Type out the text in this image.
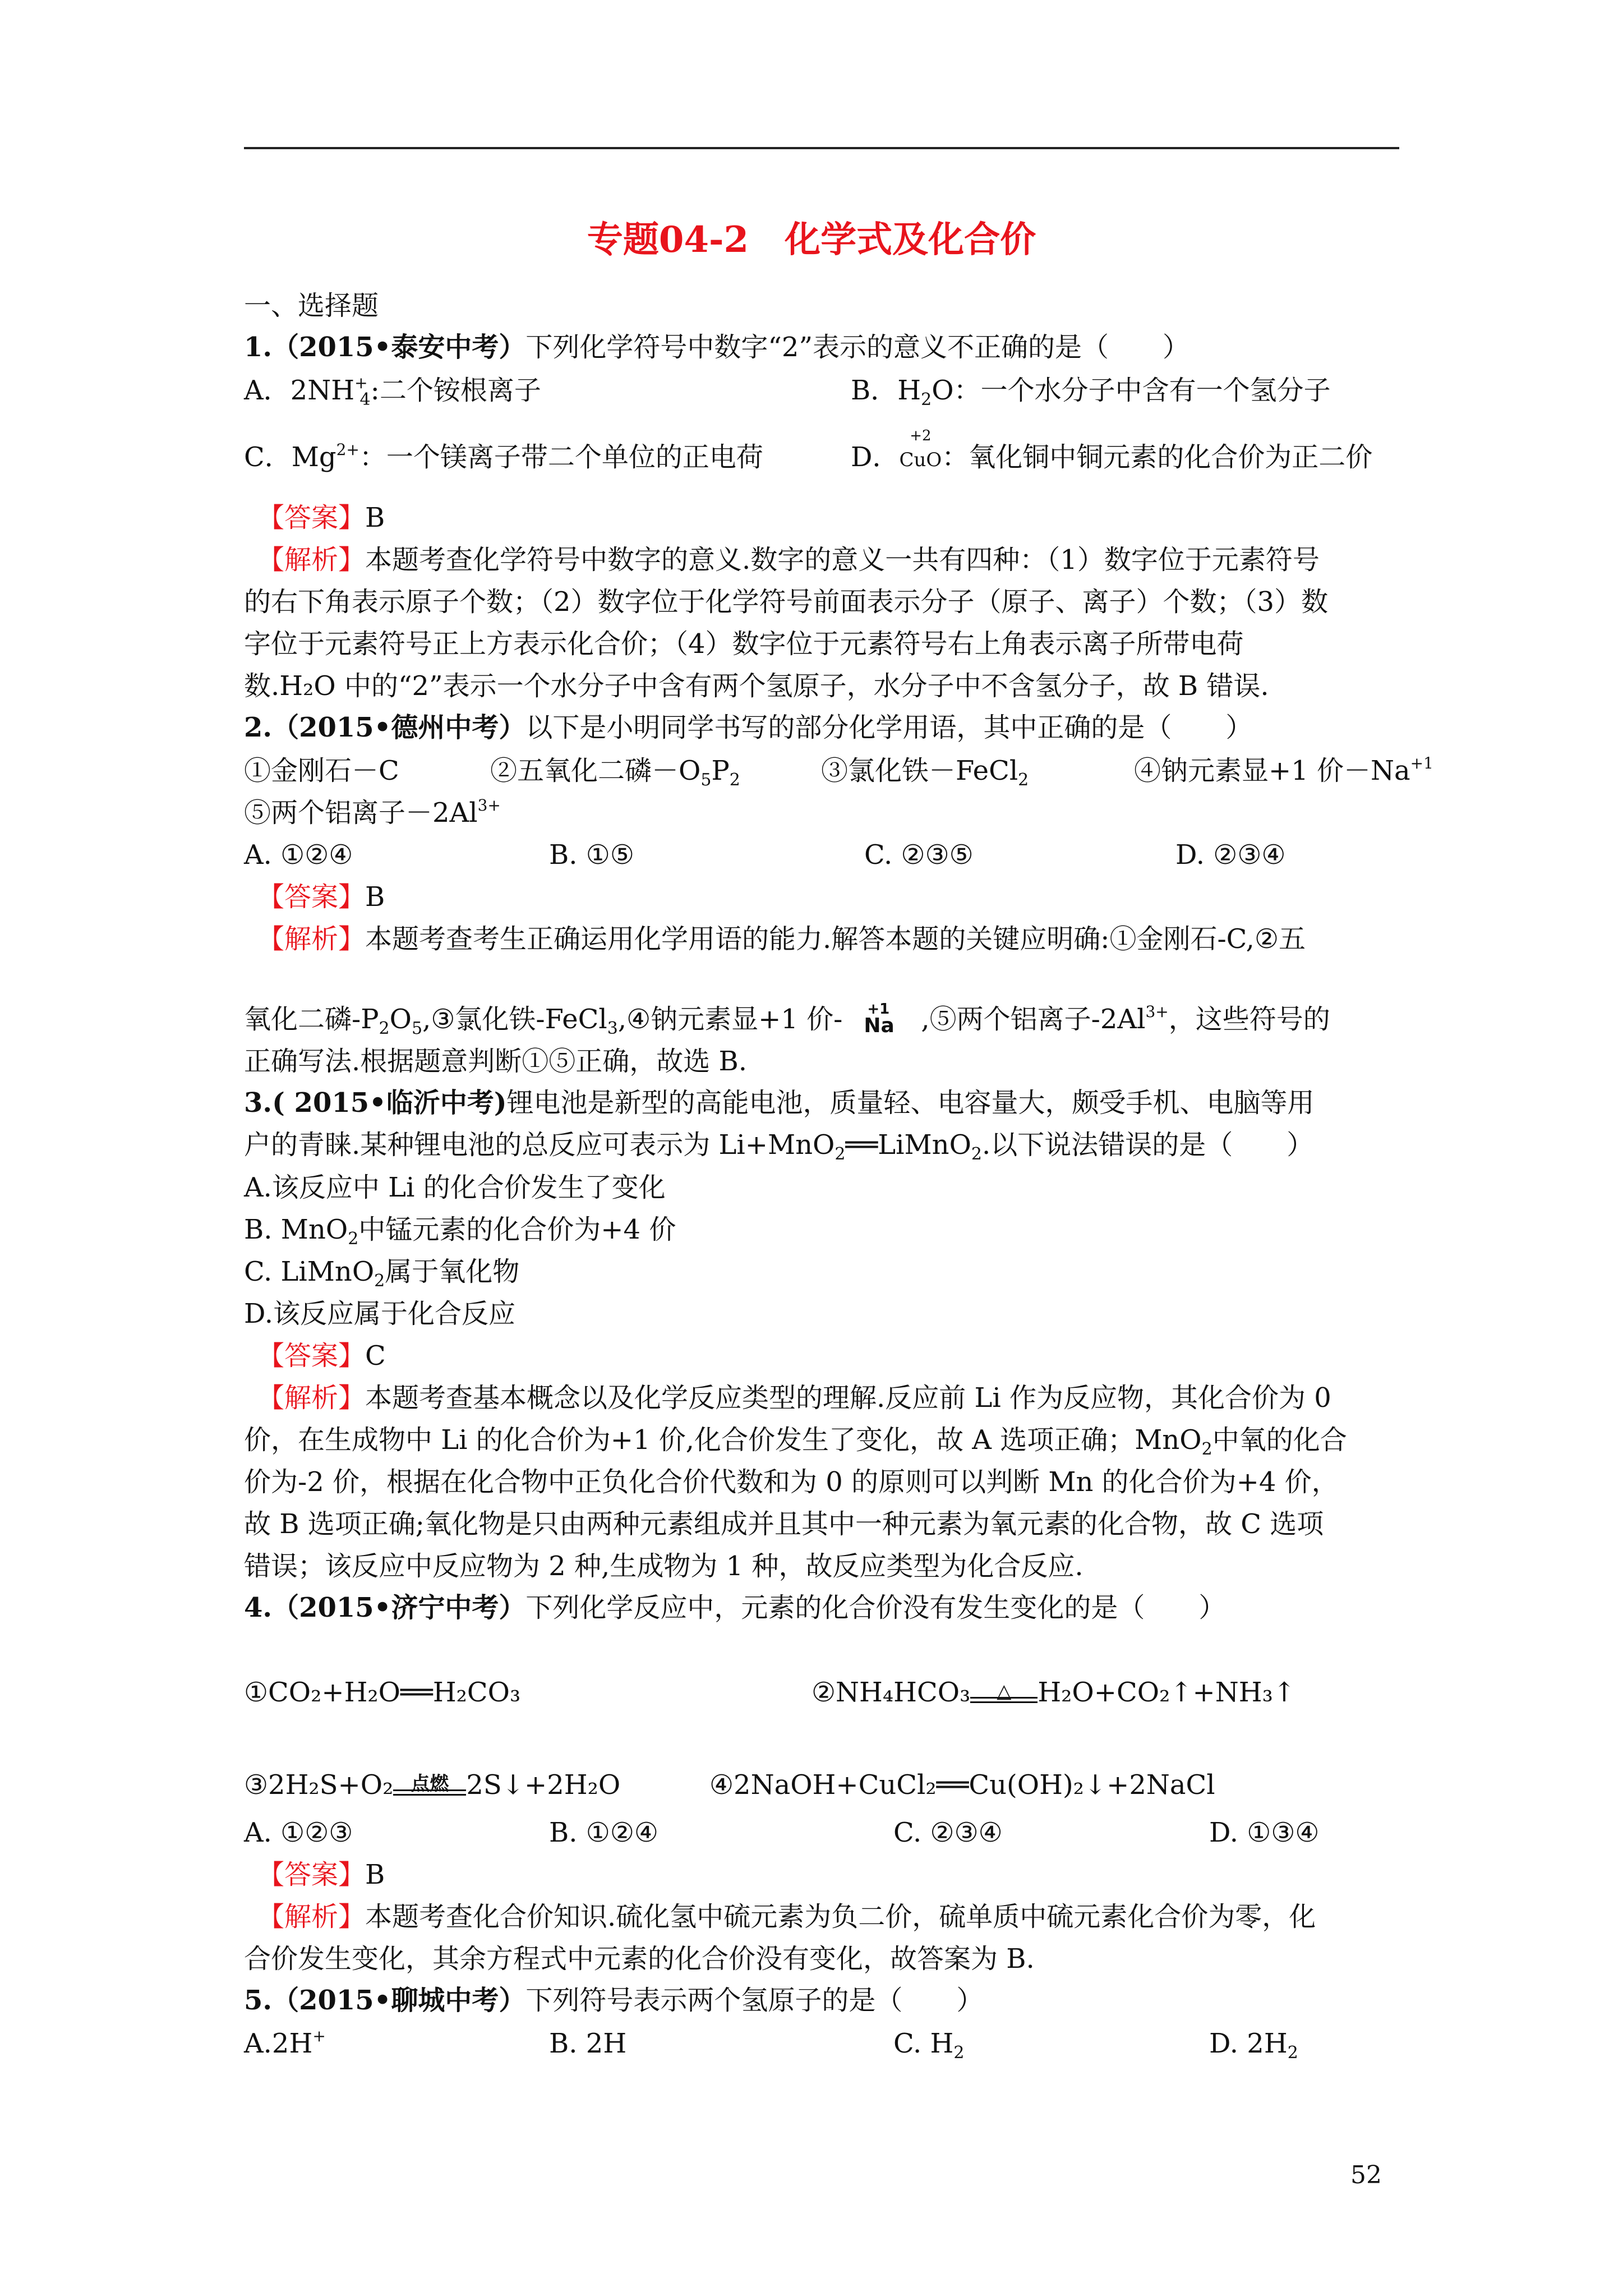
专题04-2　化学式及化合价
一、选择题
1.（2015•泰安中考）下列化学符号中数字“2”表示的意义不正确的是（　　）
A．$2NH^+_4$:二个铵根离子	B．$H_2O$：一个水分子中含有一个氢分子
C．$Mg^{2+}$：一个镁离子带二个单位的正电荷	D．
+2
CuO：氧化铜中铜元素的化合价为正二价
【答案】B
【解析】本题考查化学符号中数字的意义.数字的意义一共有四种：（1）数字位于元素符号
的右下角表示原子个数；（2）数字位于化学符号前面表示分子（原子、离子）个数；（3）数
字位于元素符号正上方表示化合价；（4）数字位于元素符号右上角表示离子所带电荷
数.H₂O 中的“2”表示一个水分子中含有两个氢原子，水分子中不含氢分子，故 B 错误.
2.（2015•德州中考）以下是小明同学书写的部分化学用语，其中正确的是（　　）
①金刚石－C	②五氧化二磷$-O_5P_2$	③氯化铁－FeCl$_2$	④钠元素显+1 价$-Na^{+1}$
⑤两个铝离子$-2Al^{3+}$
A. ①②④	B. ①⑤	C. ②③⑤	D. ②③④
【答案】B
【解析】本题考查考生正确运用化学用语的能力.解答本题的关键应明确:①金刚石-C,②五
氧化二磷$-P_2O_5,③$氯化铁-FeCl$_3$,④钠元素显+1 价- +1
Na ,⑤两个铝离子$-2Al^{3+}$，这些符号的
正确写法.根据题意判断①⑤正确，故选 B.
3.( 2015•临沂中考)锂电池是新型的高能电池，质量轻、电容量大，颇受手机、电脑等用
户的青睐.某种锂电池的总反应可表示为 Li+MnO$_2$══LiMnO$_2$.以下说法错误的是（　　）
A.该反应中 Li 的化合价发生了变化
B. MnO$_2$中锰元素的化合价为+4 价
C. LiMnO$_2$属于氧化物
D.该反应属于化合反应
【答案】C
【解析】本题考查基本概念以及化学反应类型的理解.反应前 Li 作为反应物，其化合价为 0
价，在生成物中 Li 的化合价为+1 价,化合价发生了变化，故 A 选项正确；MnO$_2$中氧的化合
价为-2 价，根据在化合物中正负化合价代数和为 0 的原则可以判断 Mn 的化合价为+4 价，
故 B 选项正确;氧化物是只由两种元素组成并且其中一种元素为氧元素的化合物，故 C 选项
错误；该反应中反应物为 2 种,生成物为 1 种，故反应类型为化合反应.
4.（2015•济宁中考）下列化学反应中，元素的化合价没有发生变化的是（　　）
①CO₂+H₂O══H₂CO₃	②NH₄HCO₃	△ H₂O+CO₂↑+NH₃↑
③2H₂S+O₂ 点燃 2S↓+2H₂O	④2NaOH+CuCl₂══Cu(OH)₂↓+2NaCl
A. ①②③	B. ①②④	C. ②③④	D. ①③④
【答案】B
【解析】本题考查化合价知识.硫化氢中硫元素为负二价，硫单质中硫元素化合价为零，化
合价发生变化，其余方程式中元素的化合价没有变化，故答案为 B.
5.（2015•聊城中考）下列符号表示两个氢原子的是（　　）
A.2H+	B. 2H	C. $H_2$	D. $2H_2$
52
